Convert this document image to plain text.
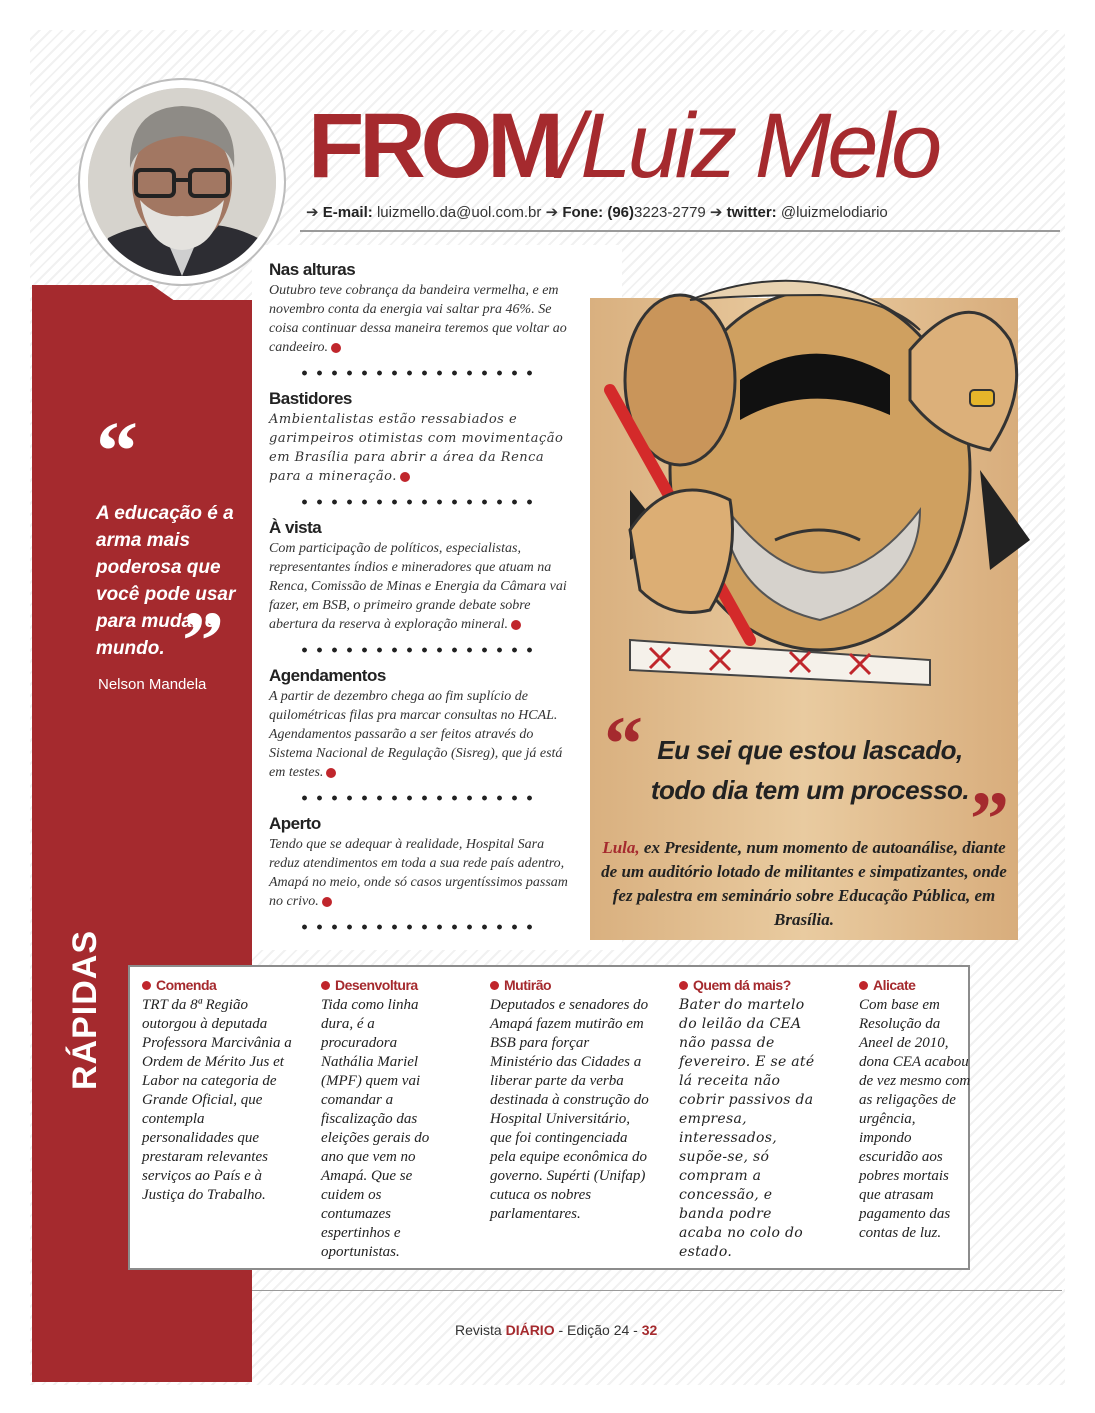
FROM/Luiz Melo
➔ E-mail: luizmello.da@uol.com.br ➔ Fone: (96)3223-2779 ➔ twitter: @luizmelodiario
“
A educação é a arma mais poderosa que você pode usar para mudar o mundo. ”
Nelson Mandela
Nas alturas

Outubro teve cobrança da bandeira vermelha, e em novembro conta da energia vai saltar pra 46%. Se coisa continuar dessa maneira teremos que voltar ao candeeiro.

Bastidores

Ambientalistas estão ressabiados e garimpeiros otimistas com movimentação em Brasília para abrir a área da Renca para a mineração.

À vista

Com participação de políticos, especialistas, representantes índios e mineradores que atuam na Renca, Comissão de Minas e Energia da Câmara vai fazer, em BSB, o primeiro grande debate sobre abertura da reserva à exploração mineral.

Agendamentos

A partir de dezembro chega ao fim suplício de quilométricas filas pra marcar consultas no HCAL. Agendamentos passarão a ser feitos através do Sistema Nacional de Regulação (Sisreg), que já está em testes.

Aperto

Tendo que se adequar à realidade, Hospital Sara reduz atendimentos em toda a sua rede país adentro, Amapá no meio, onde só casos urgentíssimos passam no crivo.

“ Eu sei que estou lascado, todo dia tem um processo. ”
Lula, ex Presidente, num momento de autoanálise, diante de um auditório lotado de militantes e simpatizantes, onde fez palestra em seminário sobre Educação Pública, em Brasília.
RÁPIDAS	Comenda

TRT da 8ª Região outorgou à deputada Professora Marcivânia a Ordem de Mérito Jus et Labor na categoria de Grande Oficial, que contempla personalidades que prestaram relevantes serviços ao País e à Justiça do Trabalho.

Desenvoltura

Tida como linha dura, é a procuradora Nathália Mariel (MPF) quem vai comandar a fiscalização das eleições gerais do ano que vem no Amapá. Que se cuidem os contumazes espertinhos e oportunistas.

Mutirão

Deputados e senadores do Amapá fazem mutirão em BSB para forçar Ministério das Cidades a liberar parte da verba destinada à construção do Hospital Universitário, que foi contingenciada pela equipe econômica do governo. Supérti (Unifap) cutuca os nobres parlamentares.

Quem dá mais?

Bater do martelo do leilão da CEA não passa de fevereiro. E se até lá receita não cobrir passivos da empresa, interessados, supõe-se, só compram a concessão, e banda podre acaba no colo do estado.

Alicate

Com base em Resolução da Aneel de 2010, dona CEA acabou de vez mesmo com as religações de urgência, impondo escuridão aos pobres mortais que atrasam pagamento das contas de luz.

Revista DIÁRIO - Edição 24 - 32
